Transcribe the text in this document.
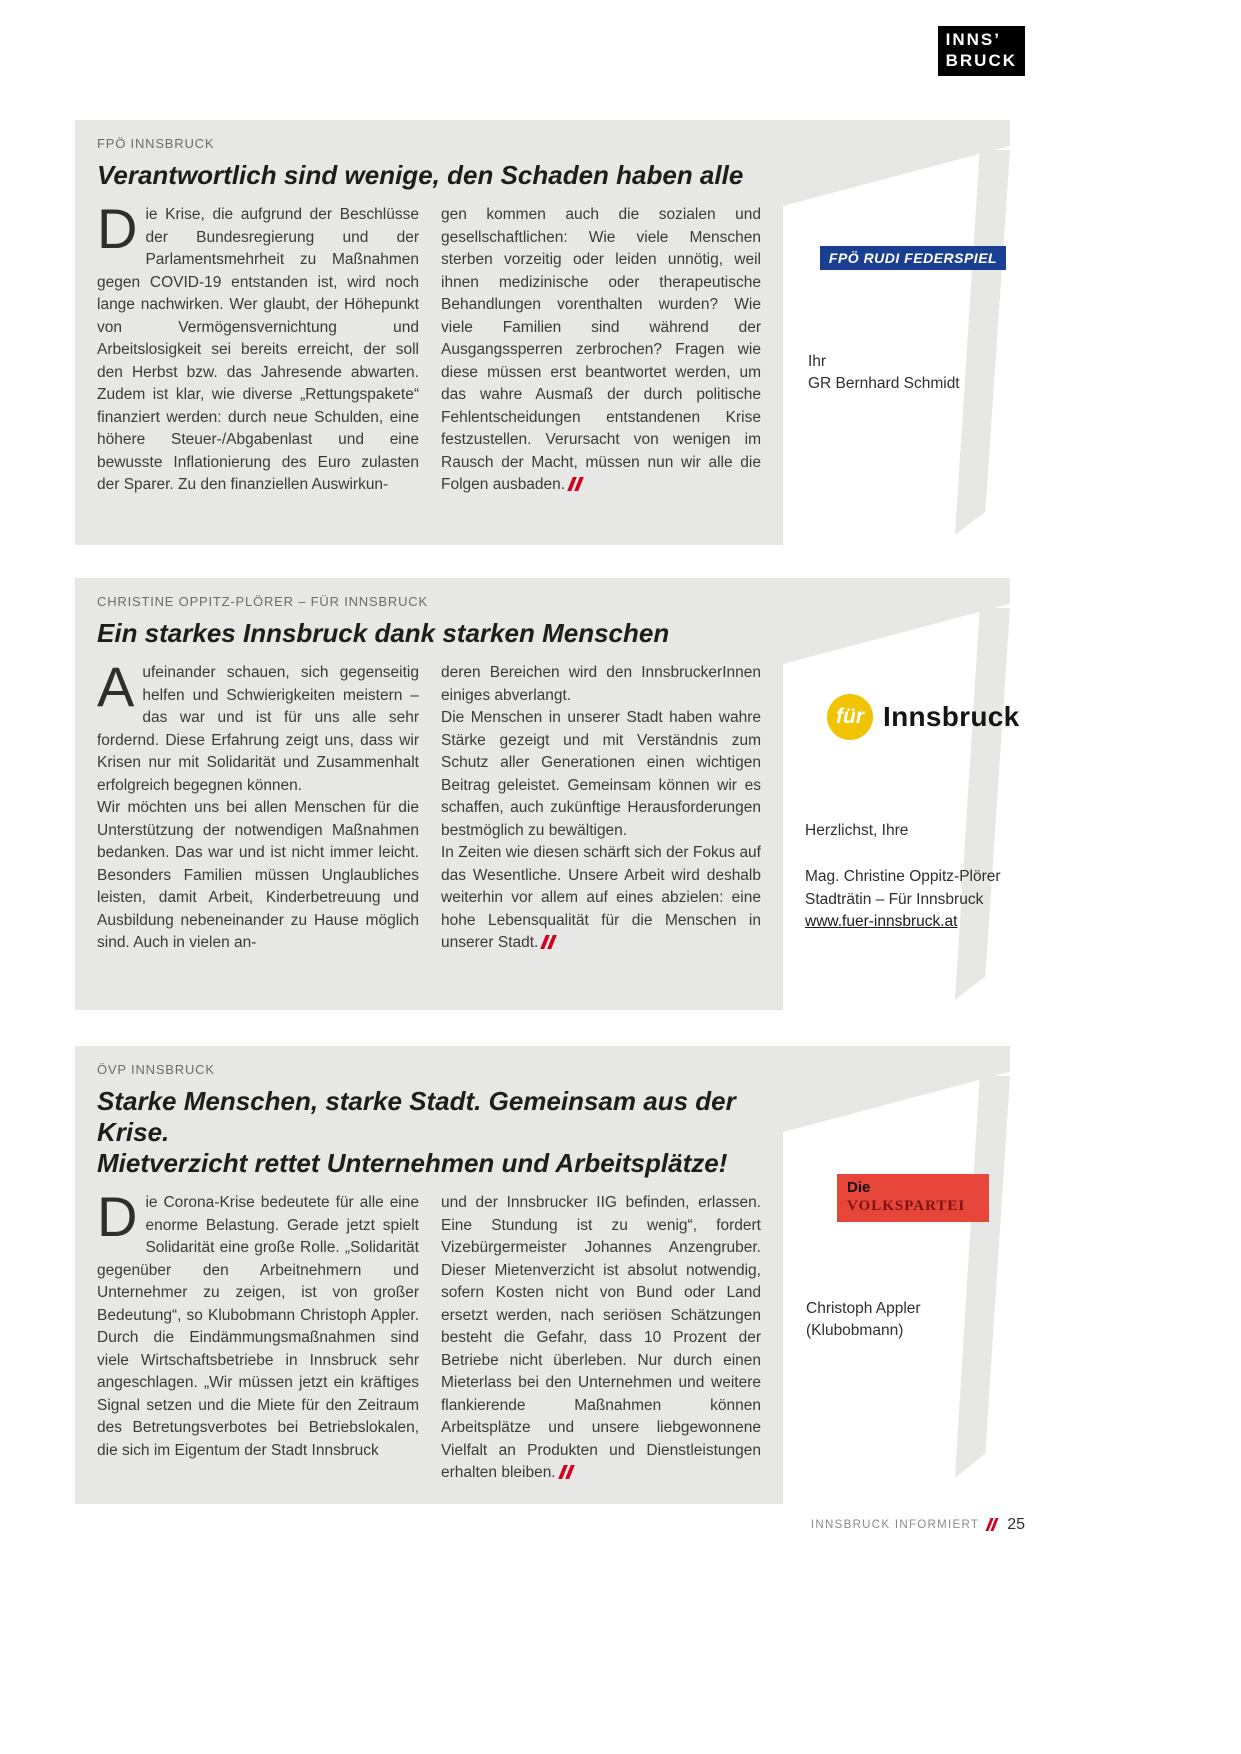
INNS’
BRUCK
FPÖ INNSBRUCK
Verantwortlich sind wenige, den Schaden haben alle

Die Krise, die aufgrund der Beschlüsse der Bundesregierung und der Parlamentsmehrheit zu Maßnahmen gegen COVID-19 entstanden ist, wird noch lange nachwirken. Wer glaubt, der Höhepunkt von Vermögensvernichtung und Arbeitslosigkeit sei bereits erreicht, der soll den Herbst bzw. das Jahresende abwarten. Zudem ist klar, wie diverse „Rettungspakete“ finanziert werden: durch neue Schulden, eine höhere Steuer-/Abgabenlast und eine bewusste Inflationierung des Euro zulasten der Sparer. Zu den finanziellen Auswirkun-

gen kommen auch die sozialen und gesellschaftlichen: Wie viele Menschen sterben vorzeitig oder leiden unnötig, weil ihnen medizinische oder therapeutische Behandlungen vorenthalten wurden? Wie viele Familien sind während der Ausgangssperren zerbrochen? Fragen wie diese müssen erst beantwortet werden, um das wahre Ausmaß der durch politische Fehlentscheidungen entstandenen Krise festzustellen. Verursacht von wenigen im Rausch der Macht, müssen nun wir alle die Folgen ausbaden.

FPÖ RUDI FEDERSPIEL
Ihr
GR Bernhard Schmidt
CHRISTINE OPPITZ-PLÖRER – FÜR INNSBRUCK
Ein starkes Innsbruck dank starken Menschen

Aufeinander schauen, sich gegenseitig helfen und Schwierigkeiten meistern – das war und ist für uns alle sehr fordernd. Diese Erfahrung zeigt uns, dass wir Krisen nur mit Solidarität und Zusammenhalt erfolgreich begegnen können.

Wir möchten uns bei allen Menschen für die Unterstützung der notwendigen Maßnahmen bedanken. Das war und ist nicht immer leicht. Besonders Familien müssen Unglaubliches leisten, damit Arbeit, Kinderbetreuung und Ausbildung nebeneinander zu Hause möglich sind. Auch in vielen an-

deren Bereichen wird den InnsbruckerInnen einiges abverlangt.

Die Menschen in unserer Stadt haben wahre Stärke gezeigt und mit Verständnis zum Schutz aller Generationen einen wichtigen Beitrag geleistet. Gemeinsam können wir es schaffen, auch zukünftige Herausforderungen bestmöglich zu bewältigen.

In Zeiten wie diesen schärft sich der Fokus auf das Wesentliche. Unsere Arbeit wird deshalb weiterhin vor allem auf eines abzielen: eine hohe Lebensqualität für die Menschen in unserer Stadt.

für Innsbruck
Herzlichst, Ihre
Mag. Christine Oppitz-Plörer
Stadträtin – Für Innsbruck
www.fuer-innsbruck.at
ÖVP INNSBRUCK
Starke Menschen, starke Stadt. Gemeinsam aus der Krise.
Mietverzicht rettet Unternehmen und Arbeitsplätze!

Die Corona-Krise bedeutete für alle eine enorme Belastung. Gerade jetzt spielt Solidarität eine große Rolle. „Solidarität gegenüber den Arbeitnehmern und Unternehmer zu zeigen, ist von großer Bedeutung“, so Klubobmann Christoph Appler. Durch die Eindämmungsmaßnahmen sind viele Wirtschaftsbetriebe in Innsbruck sehr angeschlagen. „Wir müssen jetzt ein kräftiges Signal setzen und die Miete für den Zeitraum des Betretungsverbotes bei Betriebslokalen, die sich im Eigentum der Stadt Innsbruck

und der Innsbrucker IIG befinden, erlassen. Eine Stundung ist zu wenig“, fordert Vizebürgermeister Johannes Anzengruber. Dieser Mietenverzicht ist absolut notwendig, sofern Kosten nicht von Bund oder Land ersetzt werden, nach seriösen Schätzungen besteht die Gefahr, dass 10 Prozent der Betriebe nicht überleben. Nur durch einen Mieterlass bei den Unternehmen und weitere flankierende Maßnahmen können Arbeitsplätze und unsere liebgewonnene Vielfalt an Produkten und Dienstleistungen erhalten bleiben.

Die
VOLKSPARTEI
Christoph Appler
(Klubobmann)
INNSBRUCK INFORMIERT 25
